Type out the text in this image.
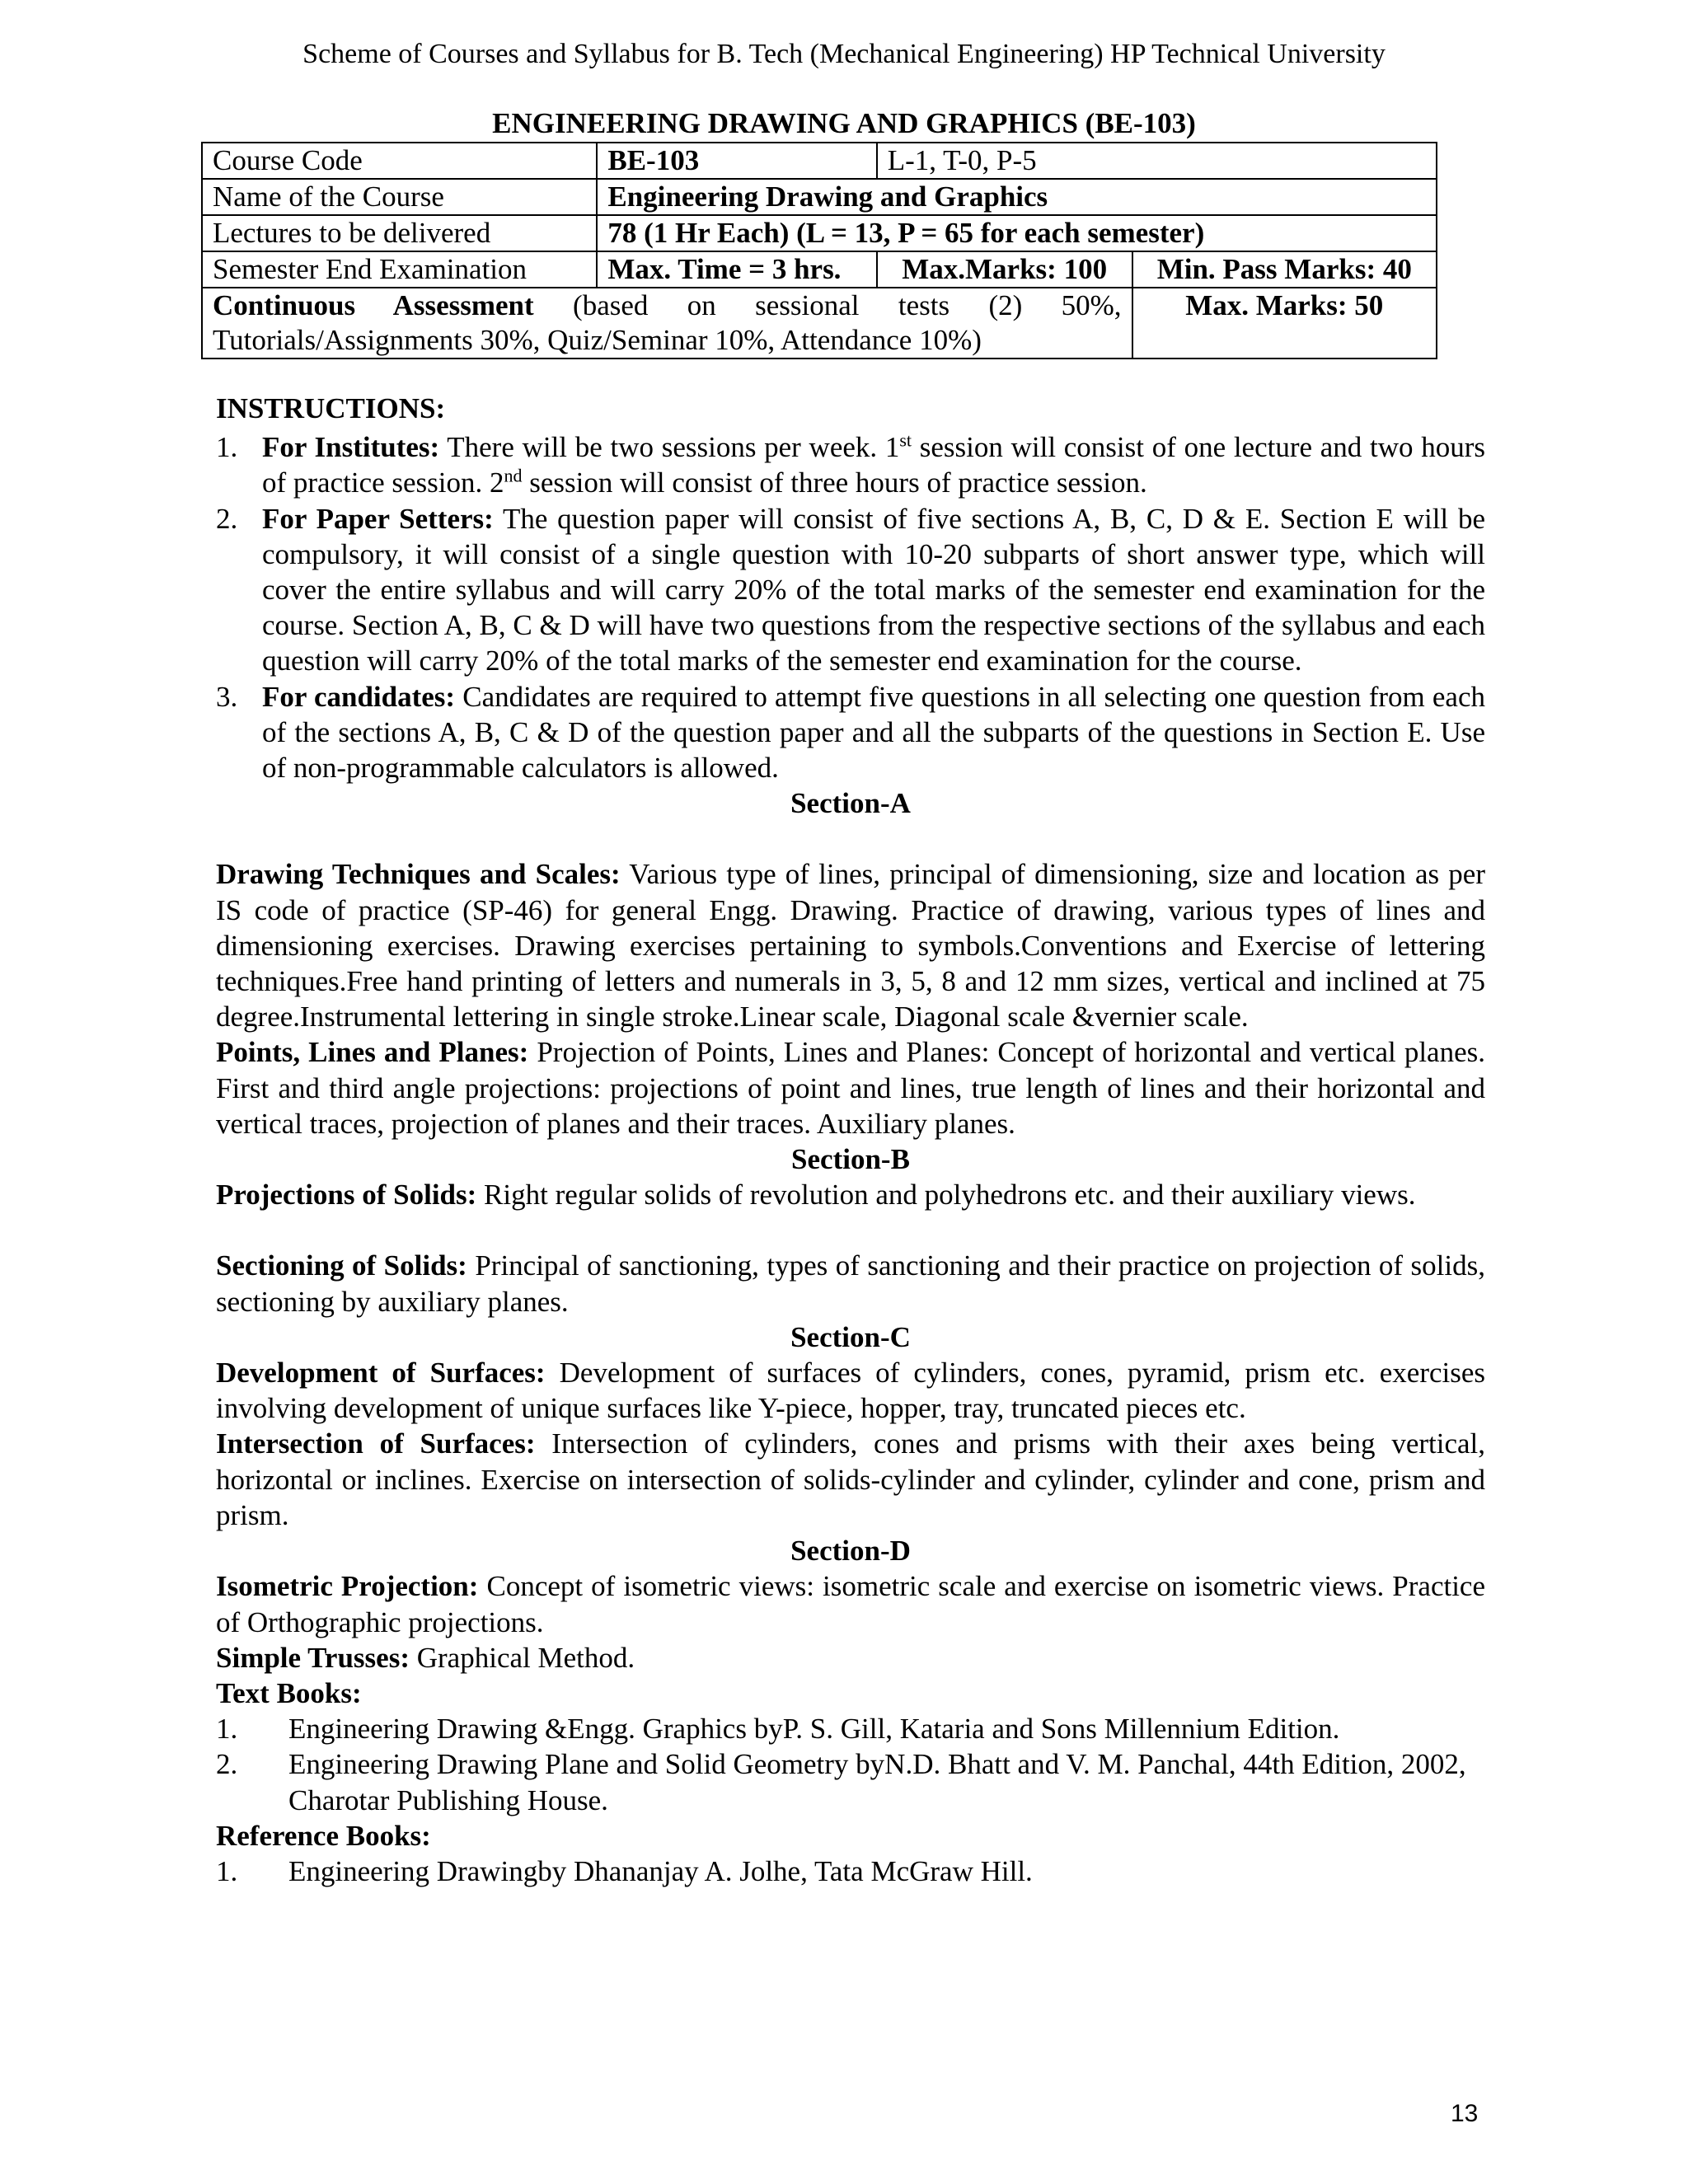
Scheme of Courses and Syllabus for B. Tech (Mechanical Engineering) HP Technical University
ENGINEERING DRAWING AND GRAPHICS (BE-103)
Course Code	BE-103	L-1, T-0, P-5	
Name of the Course	Engineering Drawing and Graphics		
Lectures to be delivered	78 (1 Hr Each) (L = 13, P = 65 for each semester)		
Semester End Examination	Max. Time = 3 hrs.	Max.Marks: 100	Min. Pass Marks: 40
Continuous Assessment (based on sessional tests (2) 50%, Tutorials/Assignments 30%, Quiz/Seminar 10%, Attendance 10%)			Max. Marks: 50

INSTRUCTIONS:

1. For Institutes: There will be two sessions per week. 1st session will consist of one lecture and two hours of practice session. 2nd session will consist of three hours of practice session.
2. For Paper Setters: The question paper will consist of five sections A, B, C, D & E. Section E will be compulsory, it will consist of a single question with 10-20 subparts of short answer type, which will cover the entire syllabus and will carry 20% of the total marks of the semester end examination for the course. Section A, B, C & D will have two questions from the respective sections of the syllabus and each question will carry 20% of the total marks of the semester end examination for the course.
3. For candidates: Candidates are required to attempt five questions in all selecting one question from each of the sections A, B, C & D of the question paper and all the subparts of the questions in Section E. Use of non-programmable calculators is allowed.

Section-A

Drawing Techniques and Scales: Various type of lines, principal of dimensioning, size and location as per IS code of practice (SP-46) for general Engg. Drawing. Practice of drawing, various types of lines and dimensioning exercises. Drawing exercises pertaining to symbols.Conventions and Exercise of lettering techniques.Free hand printing of letters and numerals in 3, 5, 8 and 12 mm sizes, vertical and inclined at 75 degree.Instrumental lettering in single stroke.Linear scale, Diagonal scale &vernier scale.

Points, Lines and Planes: Projection of Points, Lines and Planes: Concept of horizontal and vertical planes. First and third angle projections: projections of point and lines, true length of lines and their horizontal and vertical traces, projection of planes and their traces. Auxiliary planes.

Section-B

Projections of Solids: Right regular solids of revolution and polyhedrons etc. and their auxiliary views.

Sectioning of Solids: Principal of sanctioning, types of sanctioning and their practice on projection of solids, sectioning by auxiliary planes.

Section-C

Development of Surfaces: Development of surfaces of cylinders, cones, pyramid, prism etc. exercises involving development of unique surfaces like Y-piece, hopper, tray, truncated pieces etc.

Intersection of Surfaces: Intersection of cylinders, cones and prisms with their axes being vertical, horizontal or inclines. Exercise on intersection of solids-cylinder and cylinder, cylinder and cone, prism and prism.

Section-D

Isometric Projection: Concept of isometric views: isometric scale and exercise on isometric views. Practice of Orthographic projections.

Simple Trusses: Graphical Method.

Text Books:

1. Engineering Drawing &Engg. Graphics byP. S. Gill, Kataria and Sons Millennium Edition.
2. Engineering Drawing Plane and Solid Geometry byN.D. Bhatt and V. M. Panchal, 44th Edition, 2002, Charotar Publishing House.

Reference Books:

1. Engineering Drawingby Dhananjay A. Jolhe, Tata McGraw Hill.
13
